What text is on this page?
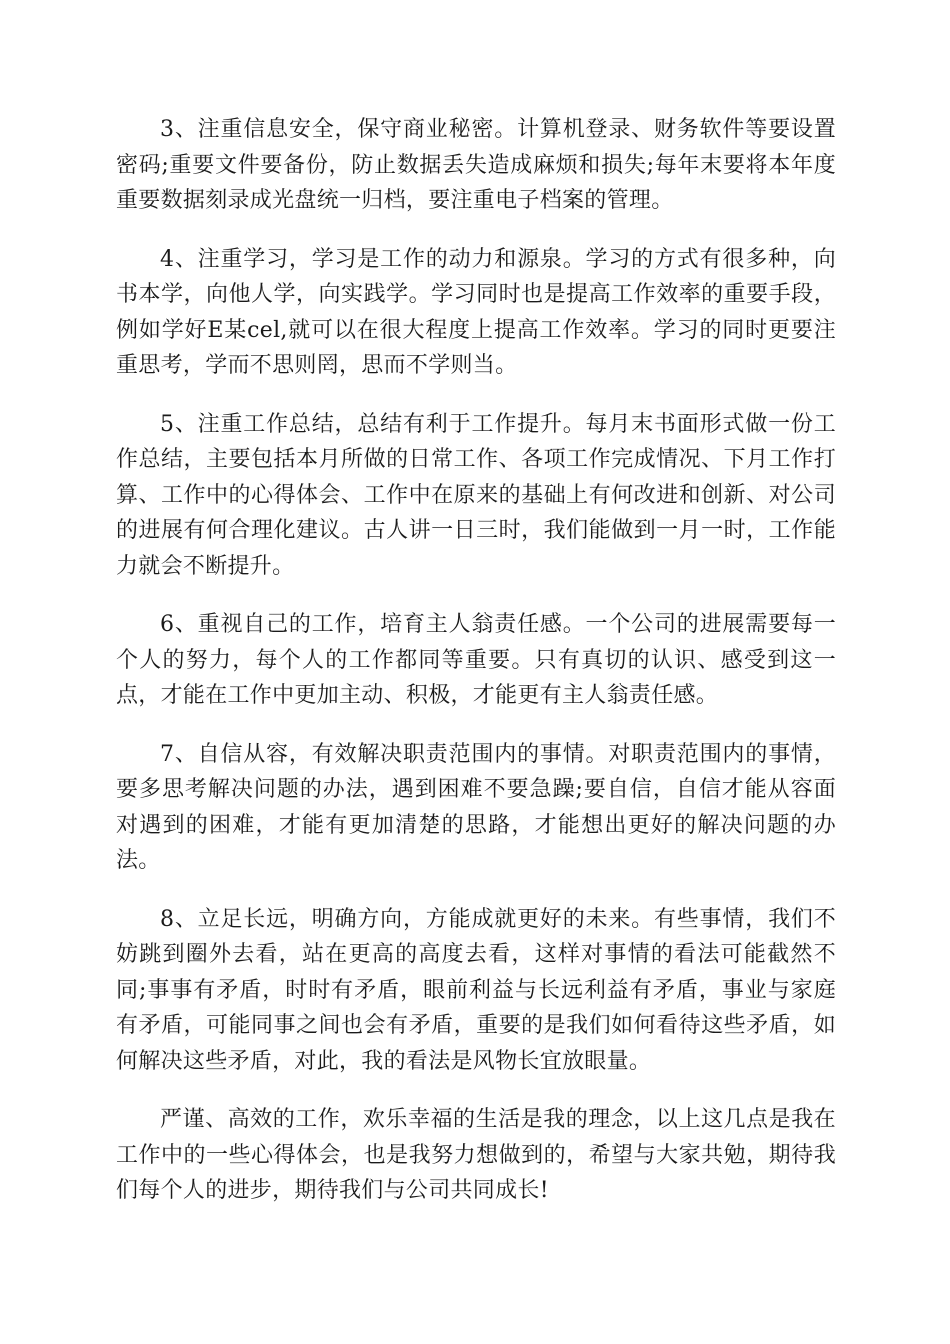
3、注重信息安全，保守商业秘密。计算机登录、财务软件等要设置密码;重要文件要备份，防止数据丢失造成麻烦和损失;每年末要将本年度重要数据刻录成光盘统一归档，要注重电子档案的管理。

4、注重学习，学习是工作的动力和源泉。学习的方式有很多种，向书本学，向他人学，向实践学。学习同时也是提高工作效率的重要手段，例如学好E某cel,就可以在很大程度上提高工作效率。学习的同时更要注重思考，学而不思则罔，思而不学则当。

5、注重工作总结，总结有利于工作提升。每月末书面形式做一份工作总结，主要包括本月所做的日常工作、各项工作完成情况、下月工作打算、工作中的心得体会、工作中在原来的基础上有何改进和创新、对公司的进展有何合理化建议。古人讲一日三时，我们能做到一月一时，工作能力就会不断提升。

6、重视自己的工作，培育主人翁责任感。一个公司的进展需要每一个人的努力，每个人的工作都同等重要。只有真切的认识、感受到这一点，才能在工作中更加主动、积极，才能更有主人翁责任感。

7、自信从容，有效解决职责范围内的事情。对职责范围内的事情，要多思考解决问题的办法，遇到困难不要急躁;要自信，自信才能从容面对遇到的困难，才能有更加清楚的思路，才能想出更好的解决问题的办法。

8、立足长远，明确方向，方能成就更好的未来。有些事情，我们不妨跳到圈外去看，站在更高的高度去看，这样对事情的看法可能截然不同;事事有矛盾，时时有矛盾，眼前利益与长远利益有矛盾，事业与家庭有矛盾，可能同事之间也会有矛盾，重要的是我们如何看待这些矛盾，如何解决这些矛盾，对此，我的看法是风物长宜放眼量。

严谨、高效的工作，欢乐幸福的生活是我的理念，以上这几点是我在工作中的一些心得体会，也是我努力想做到的，希望与大家共勉，期待我们每个人的进步，期待我们与公司共同成长!
